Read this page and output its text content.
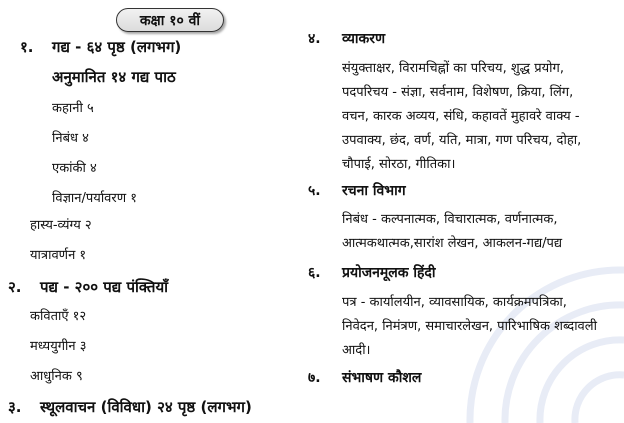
कक्षा १० वीं
१. गद्य - ६४ पृष्ठ (लगभग)
अनुमानित १४ गद्य पाठ
कहानी ५
निबंध ४
एकांकी ४
विज्ञान/पर्यावरण १
हास्य-व्यंग्य २
यात्रावर्णन १
२. पद्य - २०० पद्य पंक्तियाँ
कविताएँ १२
मध्ययुगीन ३
आधुनिक ९
३. स्थूलवाचन (विविधा) २४ पृष्ठ (लगभग)
४. व्याकरण
संयुक्ताक्षर, विरामचिह्नों का परिचय, शुद्ध प्रयोग,
पदपरिचय - संज्ञा, सर्वनाम, विशेषण, क्रिया, लिंग,
वचन, कारक अव्यय, संधि, कहावतें मुहावरे वाक्य -
उपवाक्य, छंद, वर्ण, यति, मात्रा, गण परिचय, दोहा,
चौपाई, सोरठा, गीतिका।
५. रचना विभाग
निबंध - कल्पनात्मक, विचारात्मक, वर्णनात्मक,
आत्मकथात्मक,सारांश लेखन, आकलन-गद्य/पद्य
६. प्रयोजनमूलक हिंदी
पत्र - कार्यालयीन, व्यावसायिक, कार्यक्रमपत्रिका,
निवेदन, निमंत्रण, समाचारलेखन, पारिभाषिक शब्दावली
आदी।
७. संभाषण कौशल
